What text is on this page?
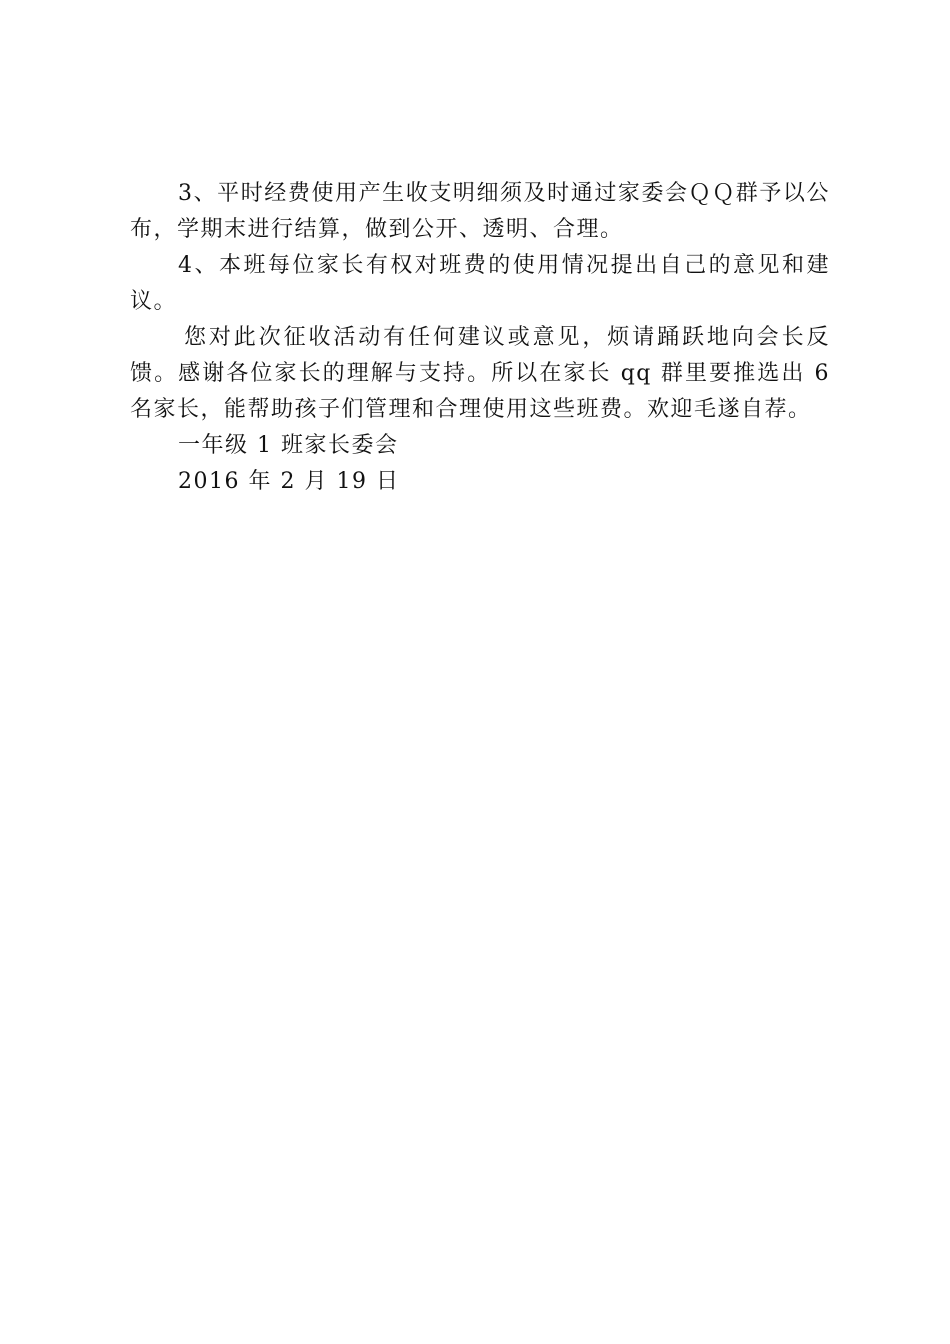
3、平时经费使用产生收支明细须及时通过家委会ＱＱ群予以公布，学期末进行结算，做到公开、透明、合理。

4、本班每位家长有权对班费的使用情况提出自己的意见和建议。

您对此次征收活动有任何建议或意见，烦请踊跃地向会长反馈。感谢各位家长的理解与支持。所以在家长 qq 群里要推选出 6 名家长，能帮助孩子们管理和合理使用这些班费。欢迎毛遂自荐。

一年级 1 班家长委会

2016 年 2 月 19 日
